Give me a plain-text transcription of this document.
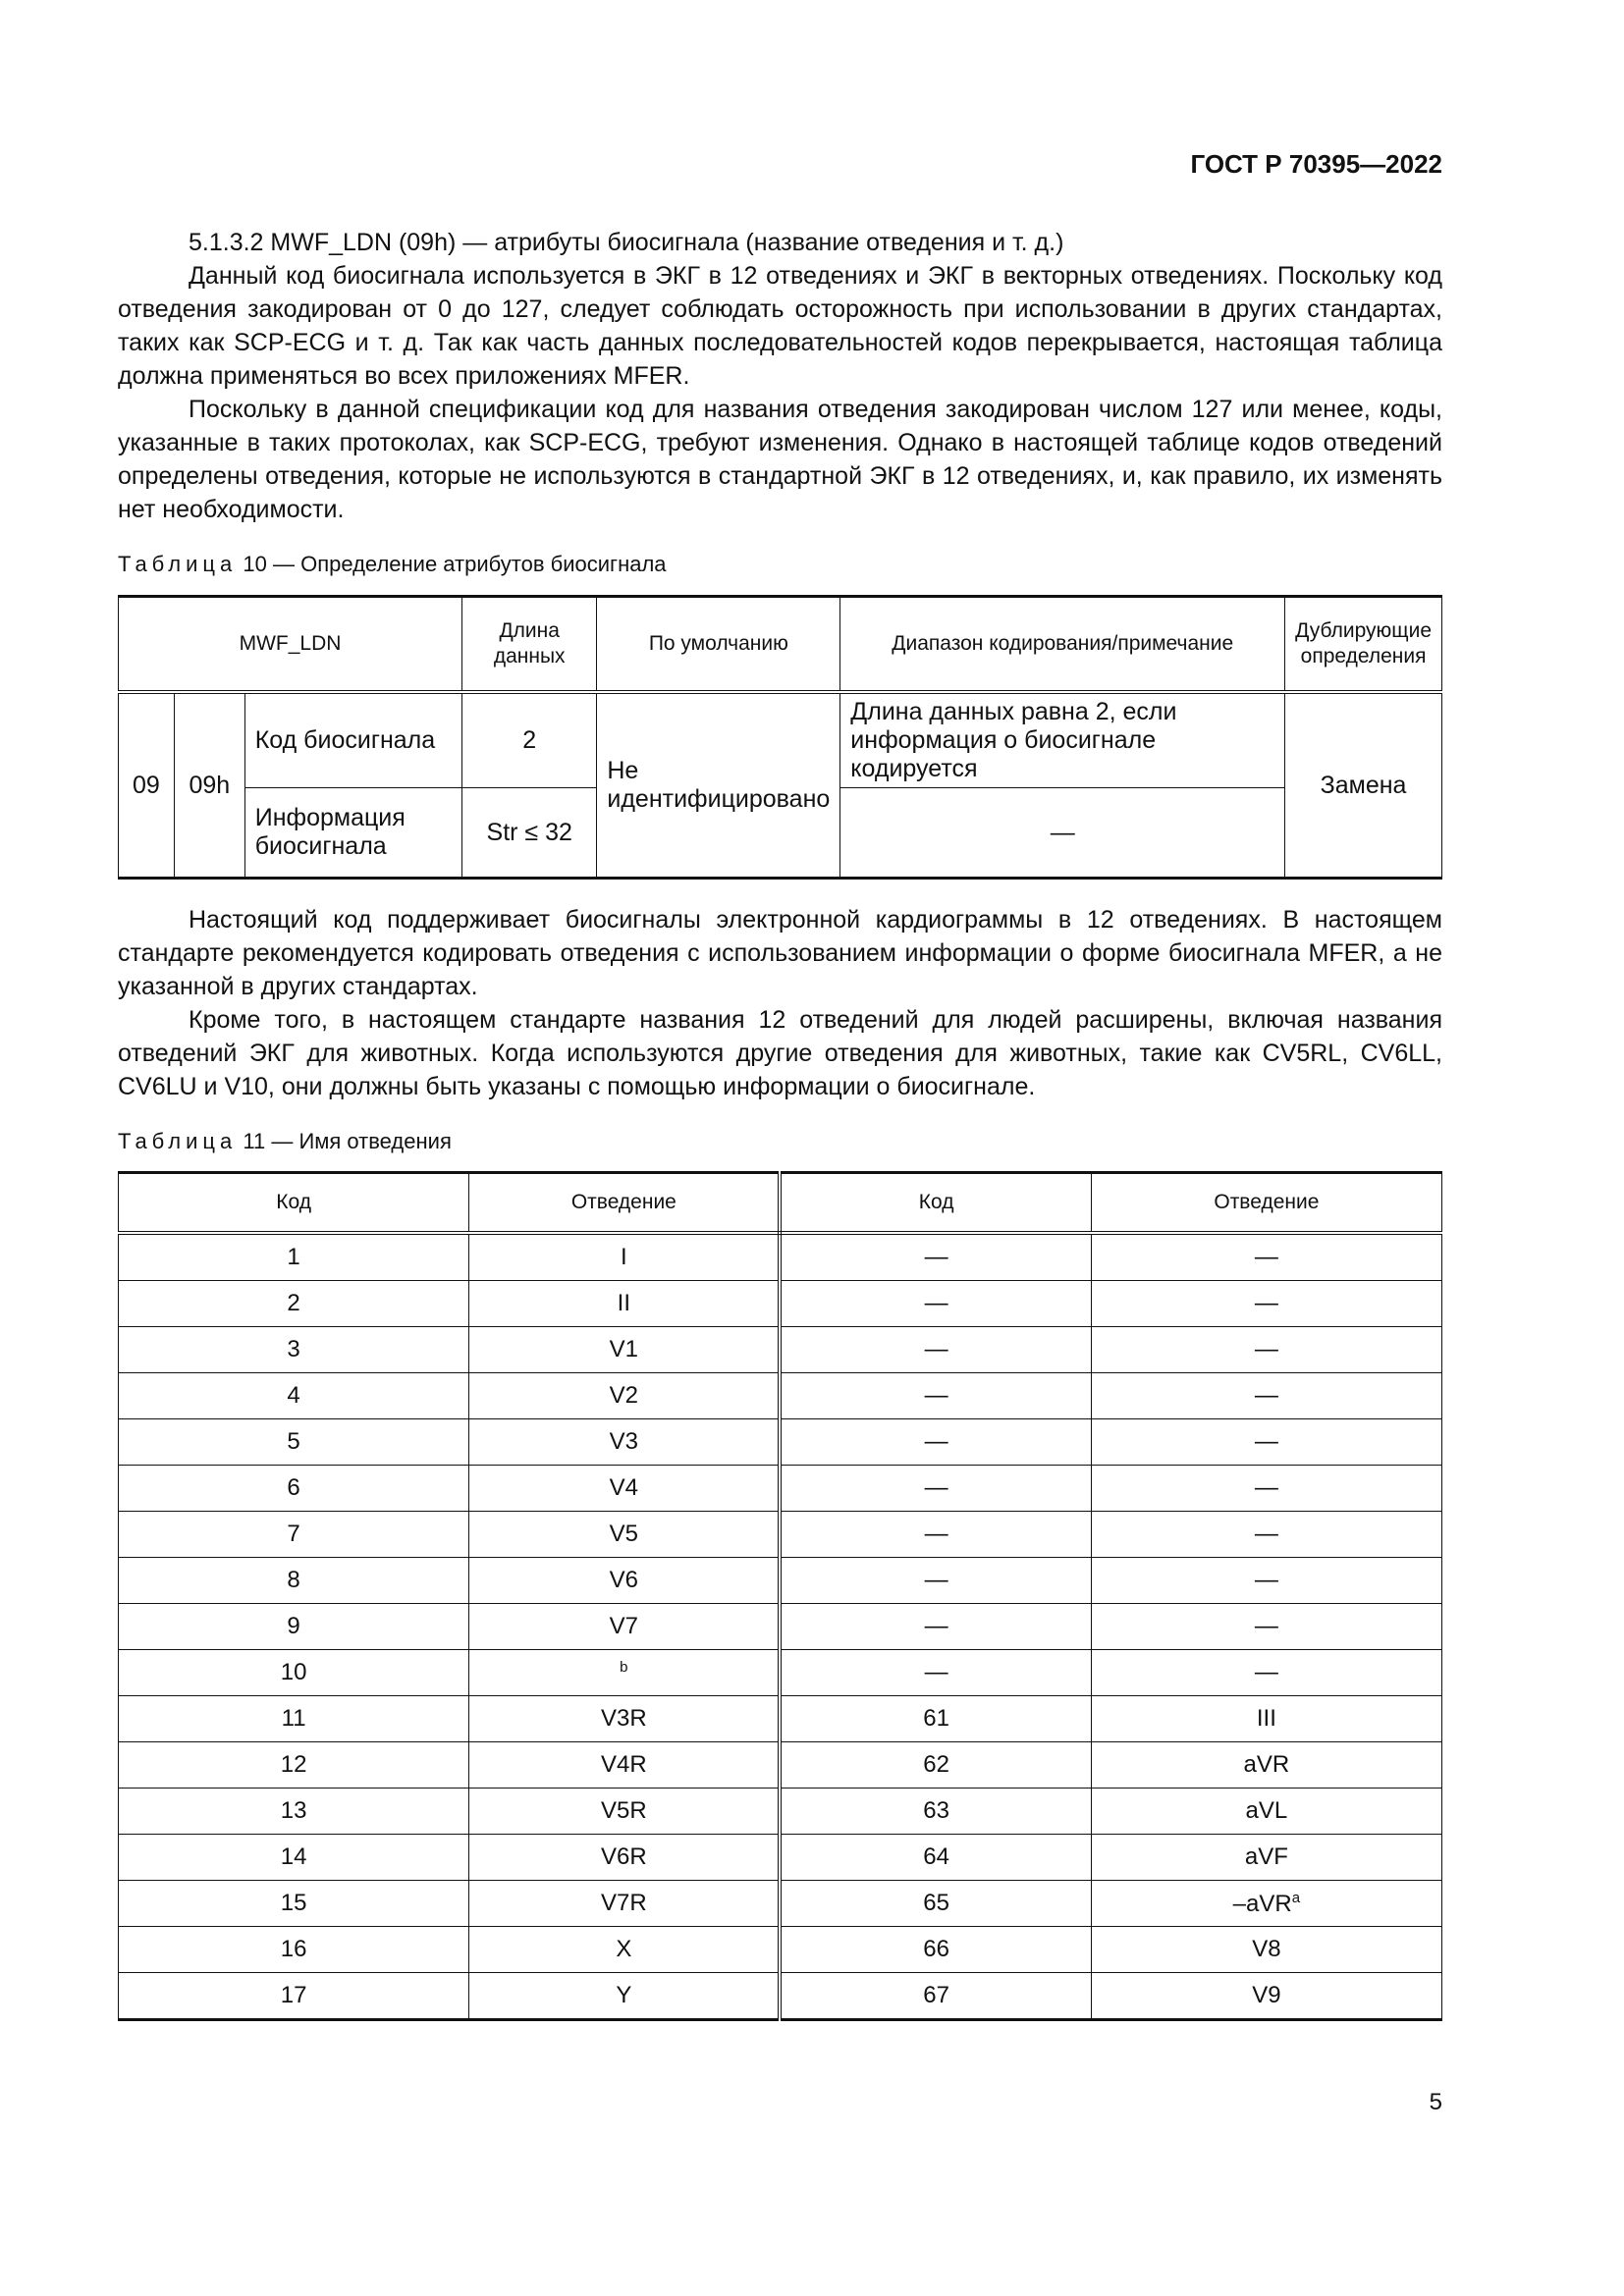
ГОСТ Р 70395—2022

5.1.3.2 MWF_LDN (09h) — атрибуты биосигнала (название отведения и т. д.)

Данный код биосигнала используется в ЭКГ в 12 отведениях и ЭКГ в векторных отведениях. Поскольку код отведения закодирован от 0 до 127, следует соблюдать осторожность при использовании в других стандартах, таких как SCP-ECG и т. д. Так как часть данных последовательностей кодов перекрывается, настоящая таблица должна применяться во всех приложениях MFER.

Поскольку в данной спецификации код для названия отведения закодирован числом 127 или менее, коды, указанные в таких протоколах, как SCP-ECG, требуют изменения. Однако в настоящей таблице кодов отведений определены отведения, которые не используются в стандартной ЭКГ в 12 отведениях, и, как правило, их изменять нет необходимости.

Таблица 10 — Определение атрибутов биосигнала
MWF_LDN			Длина данных	По умолчанию	Диапазон кодирования/примечание	Дублирующие определения
09	09h	Код биосигнала	2	Не идентифицировано	Длина данных равна 2, если информация о биосигнале кодируется	Замена
		Информация биосигнала	Str ≤ 32		—	

Настоящий код поддерживает биосигналы электронной кардиограммы в 12 отведениях. В настоящем стандарте рекомендуется кодировать отведения с использованием информации о форме биосигнала MFER, а не указанной в других стандартах.

Кроме того, в настоящем стандарте названия 12 отведений для людей расширены, включая названия отведений ЭКГ для животных. Когда используются другие отведения для животных, такие как CV5RL, CV6LL, CV6LU и V10, они должны быть указаны с помощью информации о биосигнале.

Таблица 11 — Имя отведения
Код	Отведение	Код	Отведение
1	I	—	—
2	II	—	—
3	V1	—	—
4	V2	—	—
5	V3	—	—
6	V4	—	—
7	V5	—	—
8	V6	—	—
9	V7	—	—
10	$^b$	—	—
11	V3R	61	III
12	V4R	62	aVR
13	V5R	63	aVL
14	V6R	64	aVF
15	V7R	65	–aVR$^a$
16	X	66	V8
17	Y	67	V9
5
